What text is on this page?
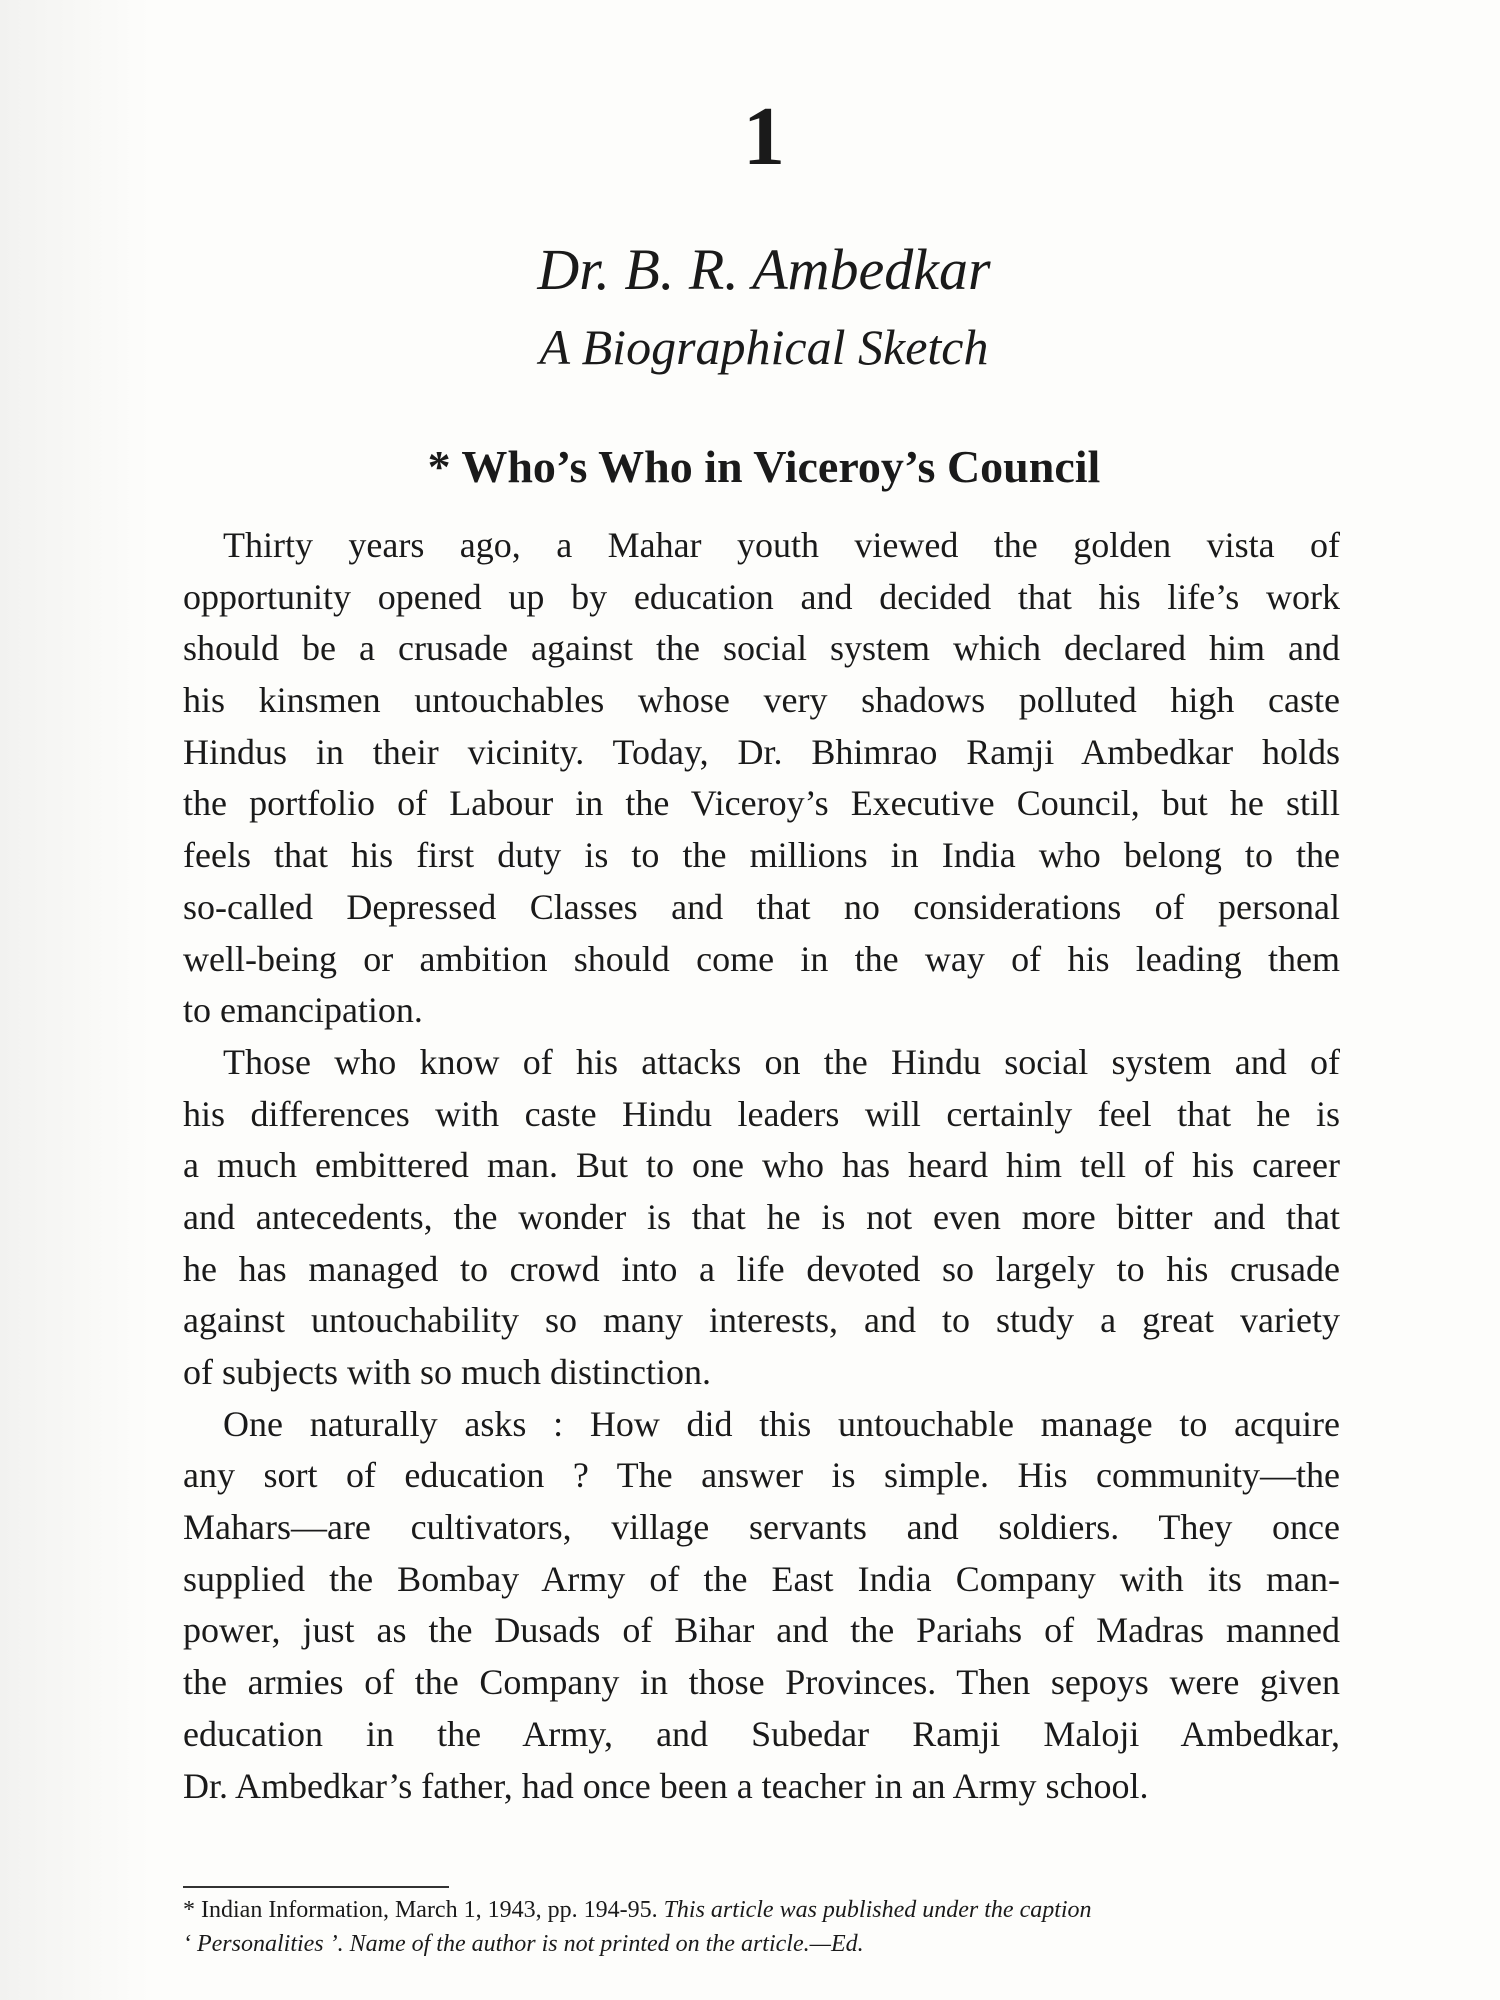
1
Dr. B. R. Ambedkar
A Biographical Sketch
* Who’s Who in Viceroy’s Council
Thirty years ago, a Mahar youth viewed the golden vista of
opportunity opened up by education and decided that his life’s work
should be a crusade against the social system which declared him and
his kinsmen untouchables whose very shadows polluted high caste
Hindus in their vicinity. Today, Dr. Bhimrao Ramji Ambedkar holds
the portfolio of Labour in the Viceroy’s Executive Council, but he still
feels that his first duty is to the millions in India who belong to the
so-called Depressed Classes and that no considerations of personal
well-being or ambition should come in the way of his leading them
to emancipation.
Those who know of his attacks on the Hindu social system and of
his differences with caste Hindu leaders will certainly feel that he is
a much embittered man. But to one who has heard him tell of his career
and antecedents, the wonder is that he is not even more bitter and that
he has managed to crowd into a life devoted so largely to his crusade
against untouchability so many interests, and to study a great variety
of subjects with so much distinction.
One naturally asks : How did this untouchable manage to acquire
any sort of education ? The answer is simple. His community—the
Mahars—are cultivators, village servants and soldiers. They once
supplied the Bombay Army of the East India Company with its man-
power, just as the Dusads of Bihar and the Pariahs of Madras manned
the armies of the Company in those Provinces. Then sepoys were given
education in the Army, and Subedar Ramji Maloji Ambedkar,
Dr. Ambedkar’s father, had once been a teacher in an Army school.
* Indian Information, March 1, 1943, pp. 194-95. This article was published under the caption
‘ Personalities ’. Name of the author is not printed on the article.—Ed.
